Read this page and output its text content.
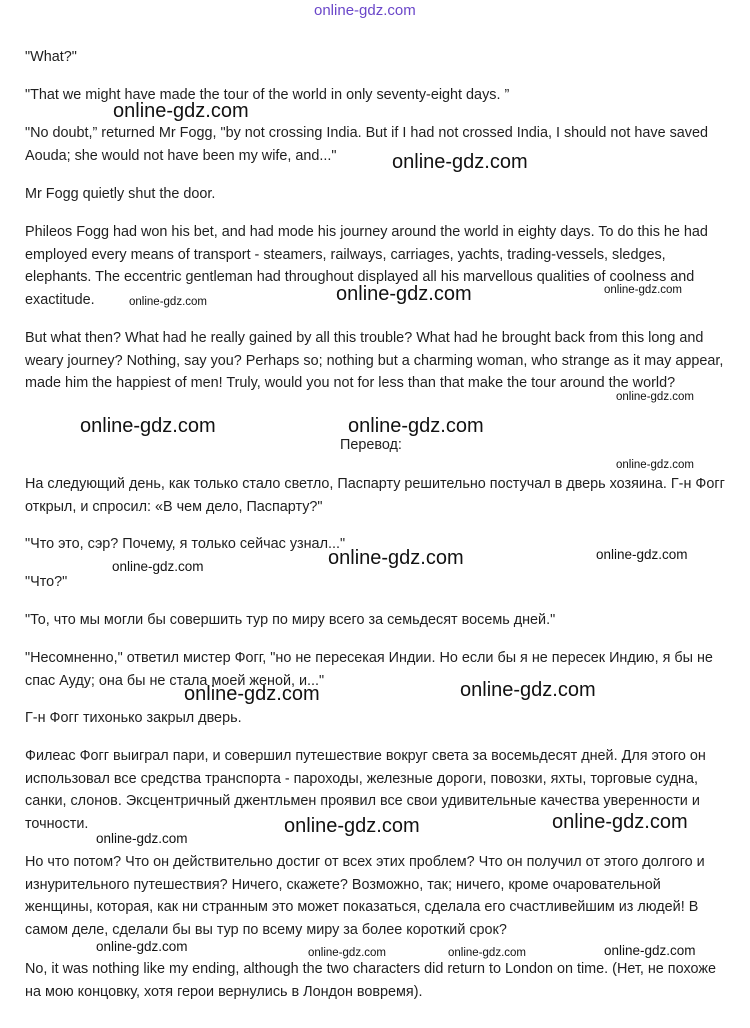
online-gdz.com

"What?"

"That we might have made the tour of the world in only seventy-eight days. ”

"No doubt,” returned Mr Fogg, "by not crossing India. But if I had not crossed India, I should not have saved Aouda; she would not have been my wife, and..."

Mr Fogg quietly shut the door.

Phileos Fogg had won his bet, and had mode his journey around the world in eighty days. To do this he had employed every means of transport - steamers, railways, carriages, yachts, trading-vessels, sledges, elephants. The eccentric gentleman had throughout displayed all his marvellous qualities of coolness and exactitude.

But what then? What had he really gained by all this trouble? What had he brought back from this long and weary journey? Nothing, say you? Perhaps so; nothing but a charming woman, who strange as it may appear, made him the happiest of men! Truly, would you not for less than that make the tour around the world?

Перевод:

На следующий день, как только стало светло, Паспарту решительно постучал в дверь хозяина. Г-н Фогг открыл, и спросил: «В чем дело, Паспарту?"

"Что это, сэр? Почему, я только сейчас узнал..."

"Что?"

"То, что мы могли бы совершить тур по миру всего за семьдесят восемь дней."

"Несомненно," ответил мистер Фогг, "но не пересекая Индии. Но если бы я не пересек Индию, я бы не спас Ауду; она бы не стала моей женой, и..."

Г-н Фогг тихонько закрыл дверь.

Филеас Фогг выиграл пари, и совершил путешествие вокруг света за восемьдесят дней. Для этого он использовал все средства транспорта - пароходы, железные дороги, повозки, яхты, торговые судна, санки, слонов. Эксцентричный джентльмен проявил все свои удивительные качества уверенности и точности.

Но что потом? Что он действительно достиг от всех этих проблем? Что он получил от этого долгого и изнурительного путешествия? Ничего, скажете? Возможно, так; ничего, кроме очаровательной женщины, которая, как ни странным это может показаться, сделала его счастливейшим из людей! В самом деле, сделали бы вы тур по всему миру за более короткий срок?

No, it was nothing like my ending, although the two characters did return to London on time. (Нет, не похоже на мою концовку, хотя герои вернулись в Лондон вовремя).

online-gdz.com
online-gdz.com
online-gdz.com	online-gdz.com	online-gdz.com
online-gdz.com
online-gdz.com	online-gdz.com
online-gdz.com
online-gdz.com	online-gdz.com
online-gdz.com
online-gdz.com	online-gdz.com
online-gdz.com	online-gdz.com
online-gdz.com
online-gdz.com	online-gdz.com	online-gdz.com	online-gdz.com
